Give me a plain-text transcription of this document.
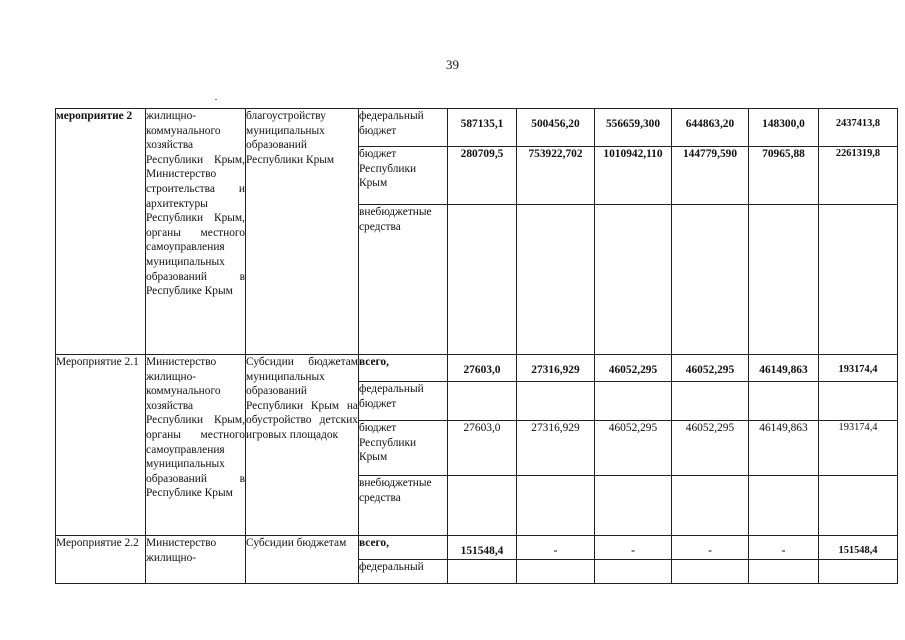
39
мероприятие 2	жилищно-коммунального хозяйства Республики Крым, Министерство строительства и архитектуры Республики Крым, органы местного самоуправления муниципальных образований в Республике Крым	благоустройству муниципальных образований Республики Крым	федеральный бюджет	587135,1	500456,20	556659,300	644863,20	148300,0	2437413,8
			бюджет Республики Крым	280709,5	753922,702	1010942,110	144779,590	70965,88	2261319,8
			внебюджетные средства						
Мероприятие 2.1	Министерство жилищно-коммунального хозяйства Республики Крым, органы местного самоуправления муниципальных образований в Республике Крым	Субсидии бюджетам муниципальных образований Республики Крым на обустройство детских игровых площадок	всего,	27603,0	27316,929	46052,295	46052,295	46149,863	193174,4
			федеральный бюджет						
			бюджет Республики Крым	27603,0	27316,929	46052,295	46052,295	46149,863	193174,4
			внебюджетные средства						
Мероприятие 2.2	Министерство жилищно-	Субсидии бюджетам	всего,	151548,4	-	-	-	-	151548,4
			федеральный						
